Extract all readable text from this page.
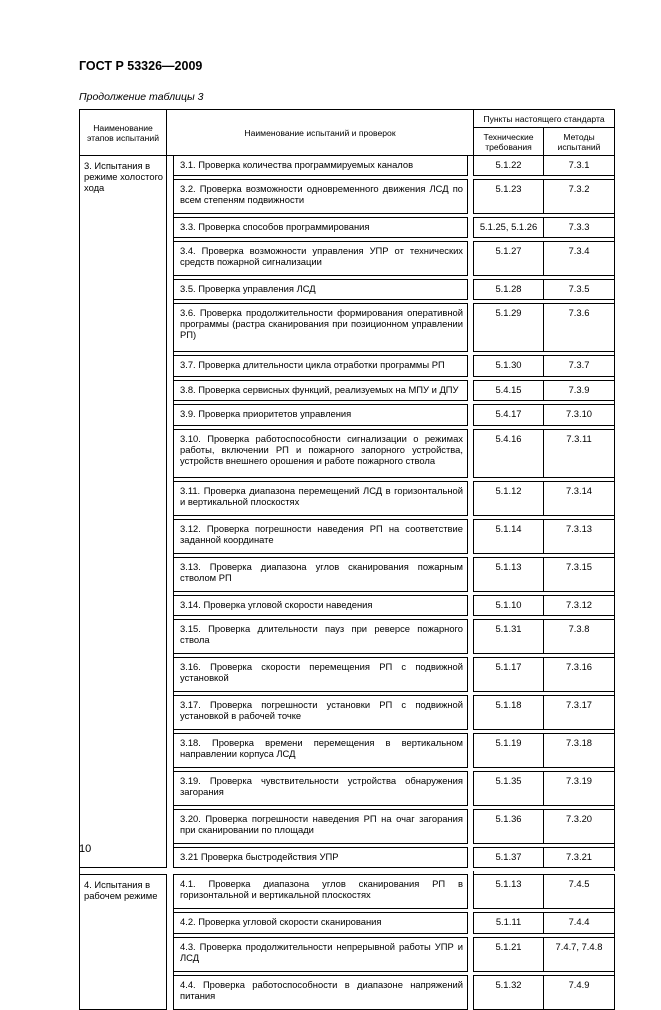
ГОСТ Р 53326—2009
Продолжение таблицы 3
Наименование этапов испытаний	Наименование испытаний и проверок			Пункты настоящего стандарта	
				Технические требования	Методы испытаний
3. Испытания в режиме холостого хода		3.1. Проверка количества программируемых каналов		5.1.22	7.3.1

		3.2. Проверка возможности одновременного движения ЛСД по всем степеням подвижности		5.1.23	7.3.2

		3.3. Проверка способов программирования		5.1.25, 5.1.26	7.3.3

		3.4. Проверка возможности управления УПР от технических средств пожарной сигнализации		5.1.27	7.3.4

		3.5. Проверка управления ЛСД		5.1.28	7.3.5

		3.6. Проверка продолжительности формирования оперативной программы (растра сканирования при позиционном управлении РП)		5.1.29	7.3.6

		3.7. Проверка длительности цикла отработки программы РП		5.1.30	7.3.7

		3.8. Проверка сервисных функций, реализуемых на МПУ и ДПУ		5.4.15	7.3.9

		3.9. Проверка приоритетов управления		5.4.17	7.3.10

		3.10. Проверка работоспособности сигнализации о режимах работы, включении РП и пожарного запорного устройства, устройств внешнего орошения и работе пожарного ствола		5.4.16	7.3.11

		3.11. Проверка диапазона перемещений ЛСД в горизонтальной и вертикальной плоскостях		5.1.12	7.3.14

		3.12. Проверка погрешности наведения РП на соответствие заданной координате		5.1.14	7.3.13

		3.13. Проверка диапазона углов сканирования пожарным стволом РП		5.1.13	7.3.15

		3.14. Проверка угловой скорости наведения		5.1.10	7.3.12

		3.15. Проверка длительности пауз при реверсе пожарного ствола		5.1.31	7.3.8

		3.16. Проверка скорости перемещения РП с подвижной установкой		5.1.17	7.3.16

		3.17. Проверка погрешности установки РП с подвижной установкой в рабочей точке		5.1.18	7.3.17

		3.18. Проверка времени перемещения в вертикальном направлении корпуса ЛСД		5.1.19	7.3.18

		3.19. Проверка чувствительности устройства обнаружения загорания		5.1.35	7.3.19

		3.20. Проверка погрешности наведения РП на очаг загорания при сканировании по площади		5.1.36	7.3.20

		3.21 Проверка быстродействия УПР		5.1.37	7.3.21

4. Испытания в рабочем режиме		4.1. Проверка диапазона углов сканирования РП в горизонтальной и вертикальной плоскостях		5.1.13	7.4.5

		4.2. Проверка угловой скорости сканирования		5.1.11	7.4.4

		4.3. Проверка продолжительности непрерывной работы УПР и ЛСД		5.1.21	7.4.7, 7.4.8

		4.4. Проверка работоспособности в диапазоне напряжений питания		5.1.32	7.4.9
10
